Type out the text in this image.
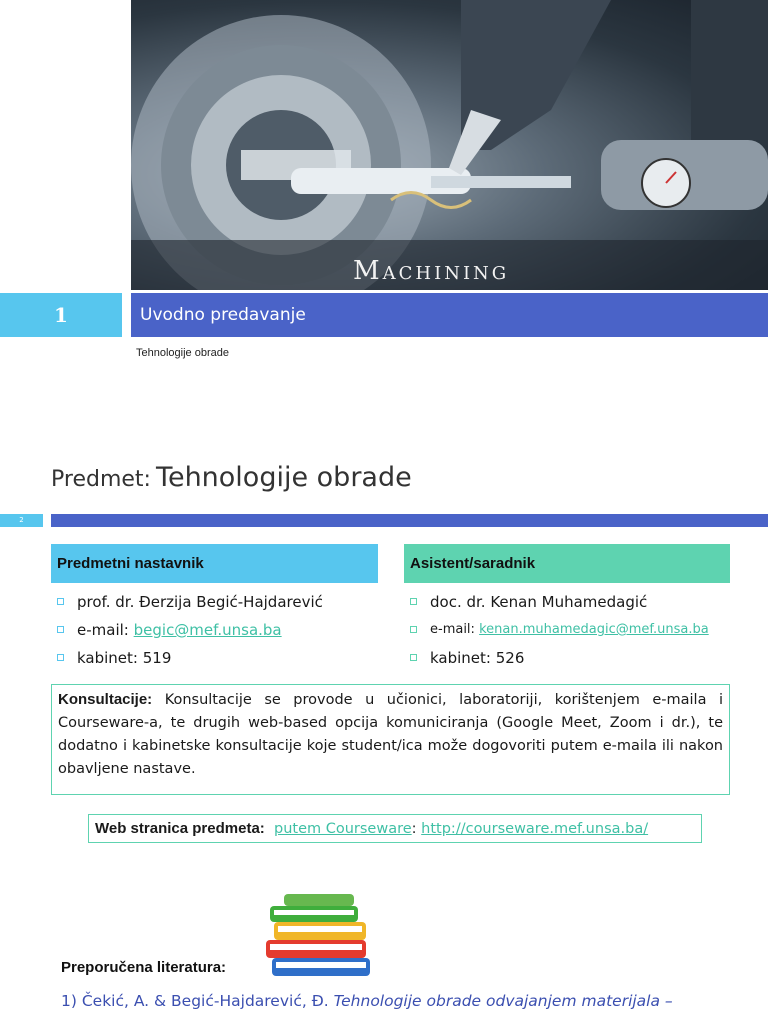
Machining
1	Uvodno predavanje
Tehnologije obrade
Predmet: Tehnologije obrade
2
Predmetni nastavnik	Asistent/saradnik
prof. dr. Đerzija Begić-Hajdarević
e-mail: begic@mef.unsa.ba
kabinet: 519
doc. dr. Kenan Muhamedagić
e-mail: kenan.muhamedagic@mef.unsa.ba
kabinet: 526
Konsultacije: Konsultacije se provode u učionici, laboratoriji, korištenjem e-maila i Courseware-a, te drugih web-based opcija komuniciranja (Google Meet, Zoom i dr.), te dodatno i kabinetske konsultacije koje student/ica može dogovoriti putem e-maila ili nakon obavljene nastave.
Web stranica predmeta: putem Courseware: http://courseware.mef.unsa.ba/
Preporučena literatura:
1) Čekić, A. & Begić-Hajdarević, Đ. Tehnologije obrade odvajanjem materijala –
